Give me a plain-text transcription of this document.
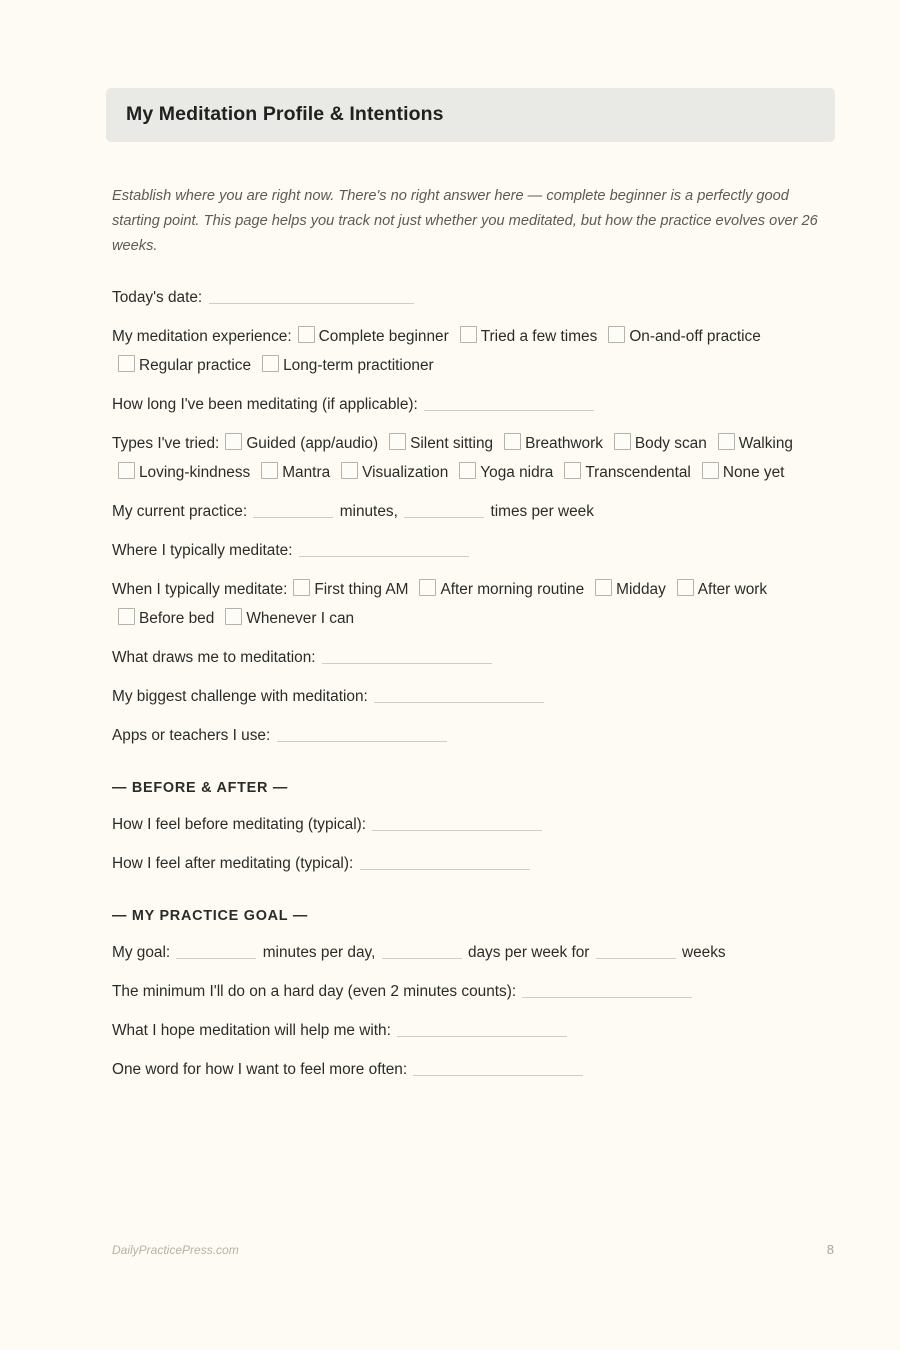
My Meditation Profile & Intentions

Establish where you are right now. There's no right answer here — complete beginner is a perfectly good starting point. This page helps you track not just whether you meditated, but how the practice evolves over 26 weeks.

Today's date:
My meditation experience: Complete beginner Tried a few times On-and-off practiceRegular practice Long-term practitioner
How long I've been meditating (if applicable):
Types I've tried: Guided (app/audio) Silent sitting Breathwork Body scan WalkingLoving-kindness Mantra Visualization Yoga nidra Transcendental None yet
My current practice:	minutes,	times per week
Where I typically meditate:
When I typically meditate: First thing AM After morning routine Midday After workBefore bed Whenever I can
What draws me to meditation:
My biggest challenge with meditation:
Apps or teachers I use:
— BEFORE & AFTER —
How I feel before meditating (typical):
How I feel after meditating (typical):
— MY PRACTICE GOAL —
My goal:	minutes per day,	days per week for	weeks
The minimum I'll do on a hard day (even 2 minutes counts):
What I hope meditation will help me with:
One word for how I want to feel more often:
DailyPracticePress.com	8
